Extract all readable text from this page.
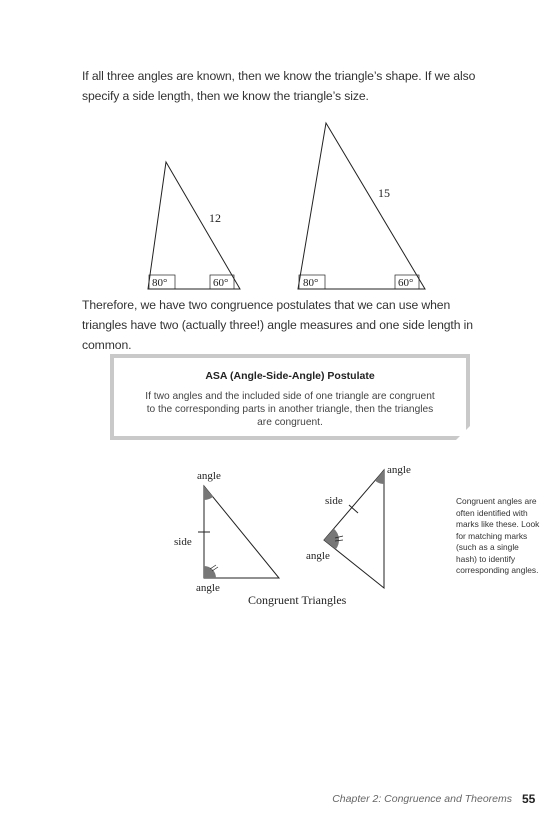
If all three angles are known, then we know the triangle’s shape. If we also specify a side length, then we know the triangle’s size.
12
80°	60°
15
80°	60°
Therefore, we have two congruence postulates that we can use when triangles have two (actually three!) angle measures and one side length in common.
ASA (Angle-Side-Angle) Postulate
If two angles and the included side of one triangle are congruent to the corresponding parts in another triangle, then the triangles are congruent.
angle
side
angle
angle
side
angle
Congruent Triangles
Congruent angles are often identified with marks like these. Look for matching marks (such as a single hash) to identify corresponding angles.
Chapter 2: Congruence and Theorems 55
